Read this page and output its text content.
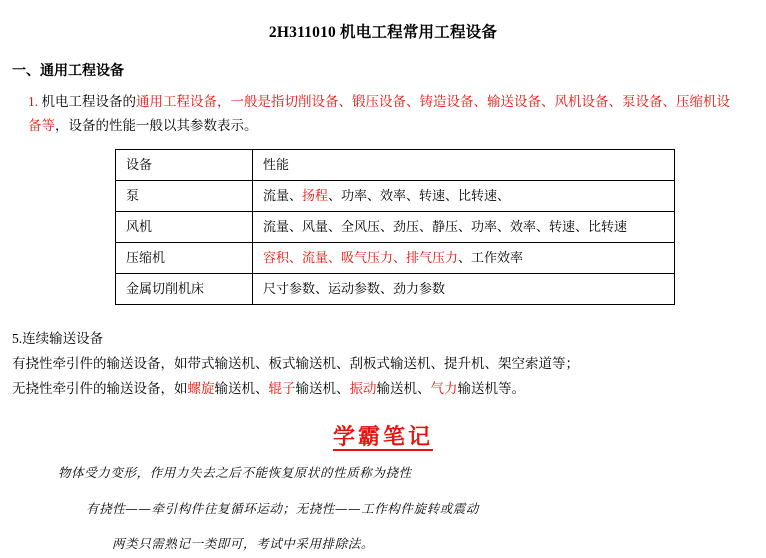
2H311010 机电工程常用工程设备
一、通用工程设备
1. 机电工程设备的通用工程设备，一般是指切削设备、锻压设备、铸造设备、输送设备、风机设备、泵设备、压缩机设备等，设备的性能一般以其参数表示。
设备	性能
泵	流量、扬程、功率、效率、转速、比转速、
风机	流量、风量、全风压、劲压、静压、功率、效率、转速、比转速
压缩机	容积、流量、吸气压力、排气压力、工作效率
金属切削机床	尺寸参数、运动参数、劲力参数
5.连续输送设备
有挠性牵引件的输送设备，如带式输送机、板式输送机、刮板式输送机、提升机、架空索道等；
无挠性牵引件的输送设备，如螺旋输送机、辊子输送机、振动输送机、气力输送机等。
学霸笔记
物体受力变形，作用力失去之后不能恢复原状的性质称为挠性
有挠性——牵引构件往复循环运动；无挠性——工作构件旋转或震动
两类只需熟记一类即可，考试中采用排除法。
